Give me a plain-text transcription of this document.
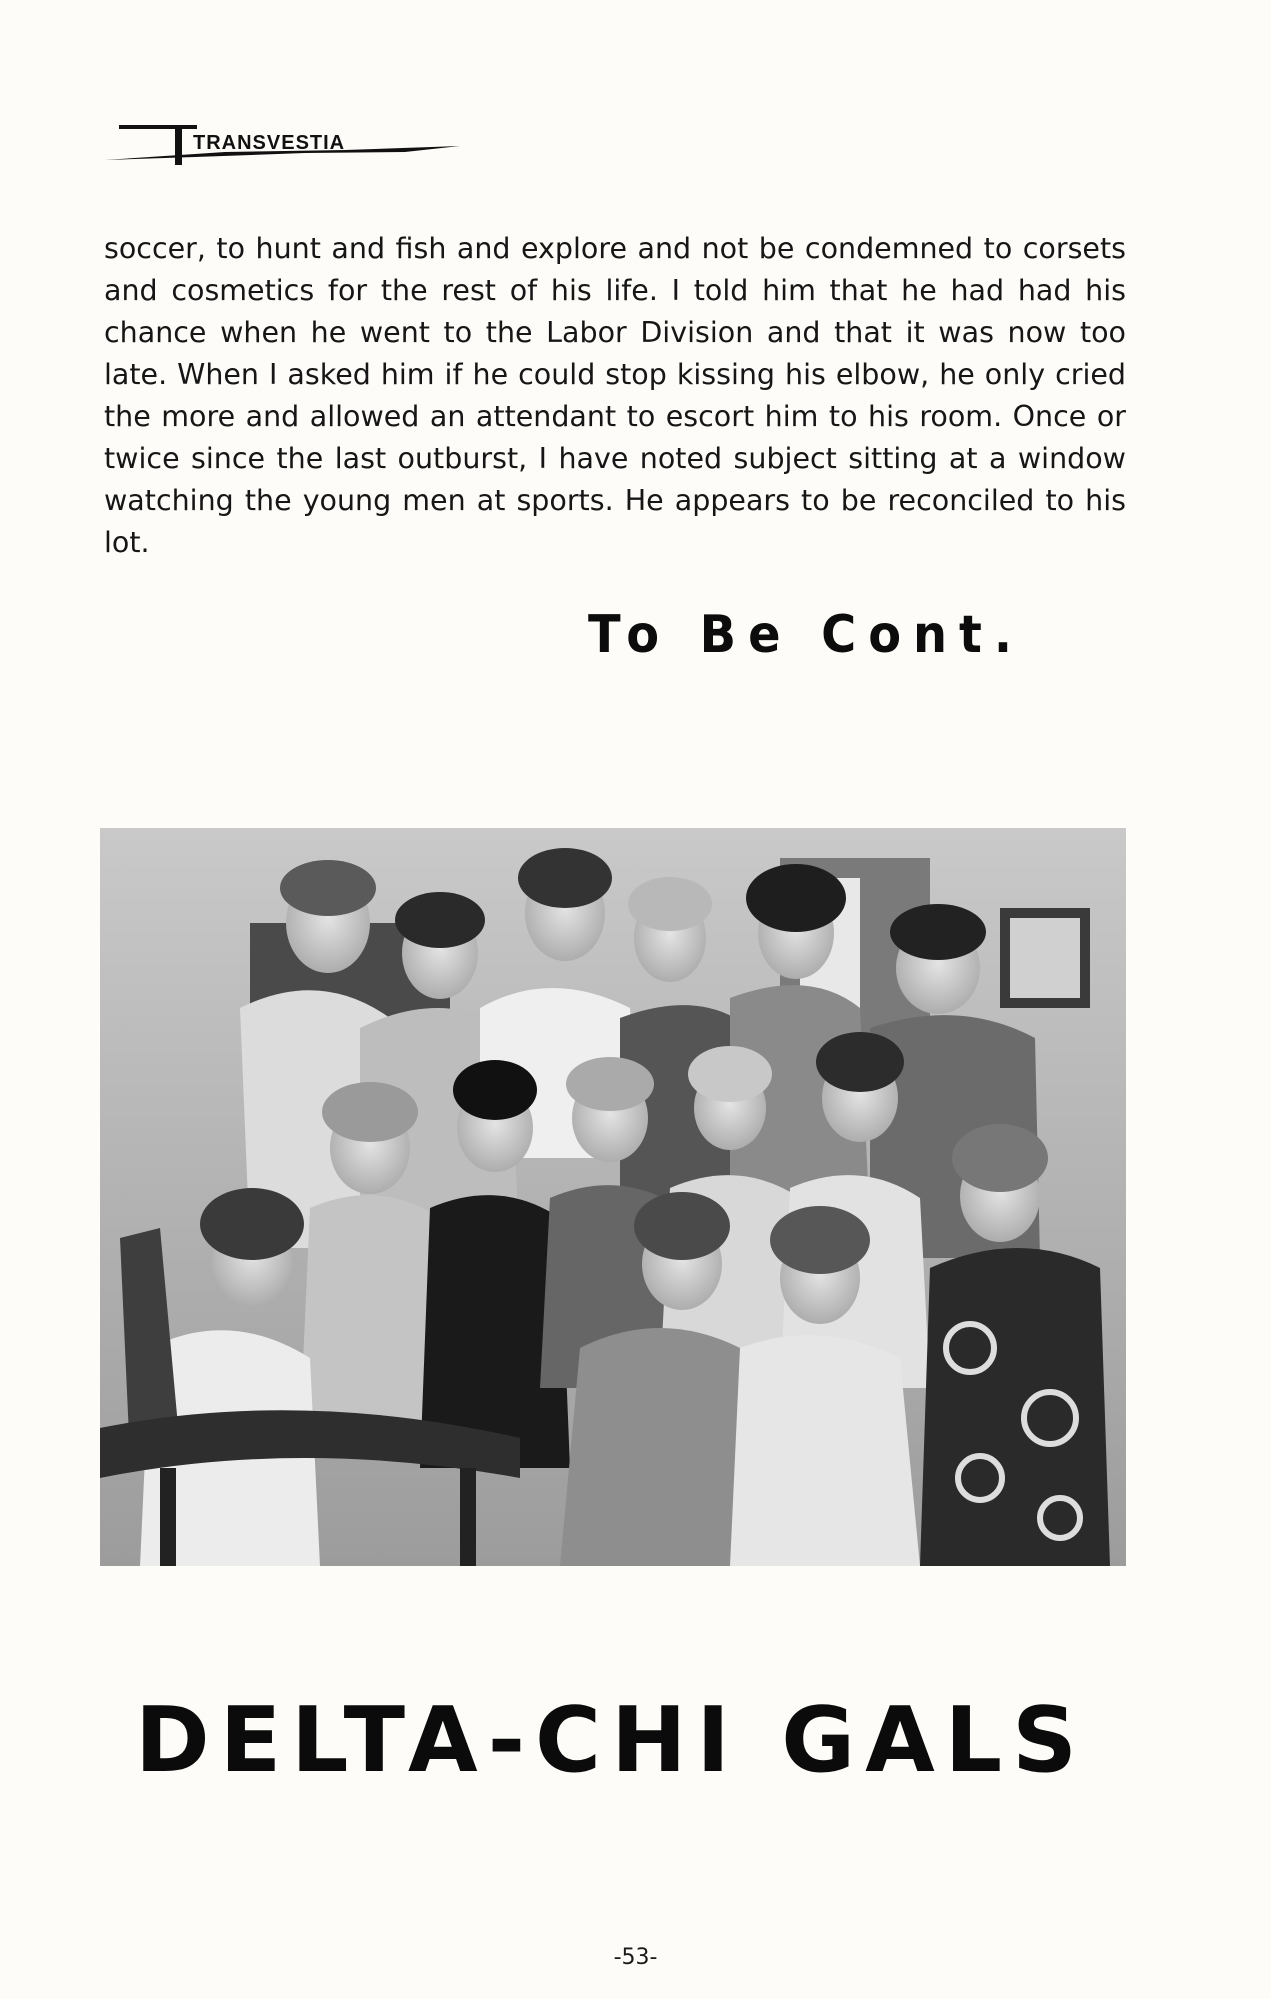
TRANSVESTIA

soccer, to hunt and fish and explore and not be condemned to corsets and cosmetics for the rest of his life. I told him that he had had his chance when he went to the Labor Division and that it was now too late. When I asked him if he could stop kissing his elbow, he only cried the more and allowed an attendant to escort him to his room. Once or twice since the last outburst, I have noted subject sitting at a window watching the young men at sports. He appears to be reconciled to his lot.

To Be Cont.
DELTA-CHI GALS
-53-
